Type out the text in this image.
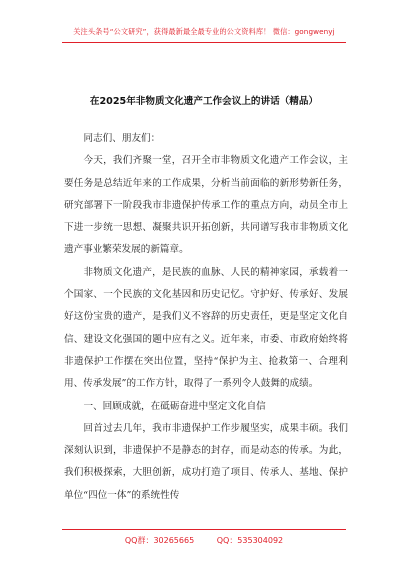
关注头条号“公文研究”，获得最新最全最专业的公文资料库！ 微信：gongwenyj
在2025年非物质文化遗产工作会议上的讲话（精品）

同志们、朋友们：

今天，我们齐聚一堂，召开全市非物质文化遗产工作会议，主要任务是总结近年来的工作成果，分析当前面临的新形势新任务，研究部署下一阶段我市非遗保护传承工作的重点方向，动员全市上下进一步统一思想、凝聚共识开拓创新，共同谱写我市非物质文化遗产事业繁荣发展的新篇章。

非物质文化遗产，是民族的血脉、人民的精神家园，承载着一个国家、一个民族的文化基因和历史记忆。守护好、传承好、发展好这份宝贵的遗产，是我们义不容辞的历史责任，更是坚定文化自信、建设文化强国的题中应有之义。近年来，市委、市政府始终将非遗保护工作摆在突出位置，坚持“保护为主、抢救第一、合理利用、传承发展”的工作方针，取得了一系列令人鼓舞的成绩。

一、回顾成就，在砥砺奋进中坚定文化自信

回首过去几年，我市非遗保护工作步履坚实，成果丰硕。我们深刻认识到，非遗保护不是静态的封存，而是动态的传承。为此，我们积极探索，大胆创新，成功打造了项目、传承人、基地、保护单位“四位一体”的系统性传

QQ群：30265665	QQ：535304092
